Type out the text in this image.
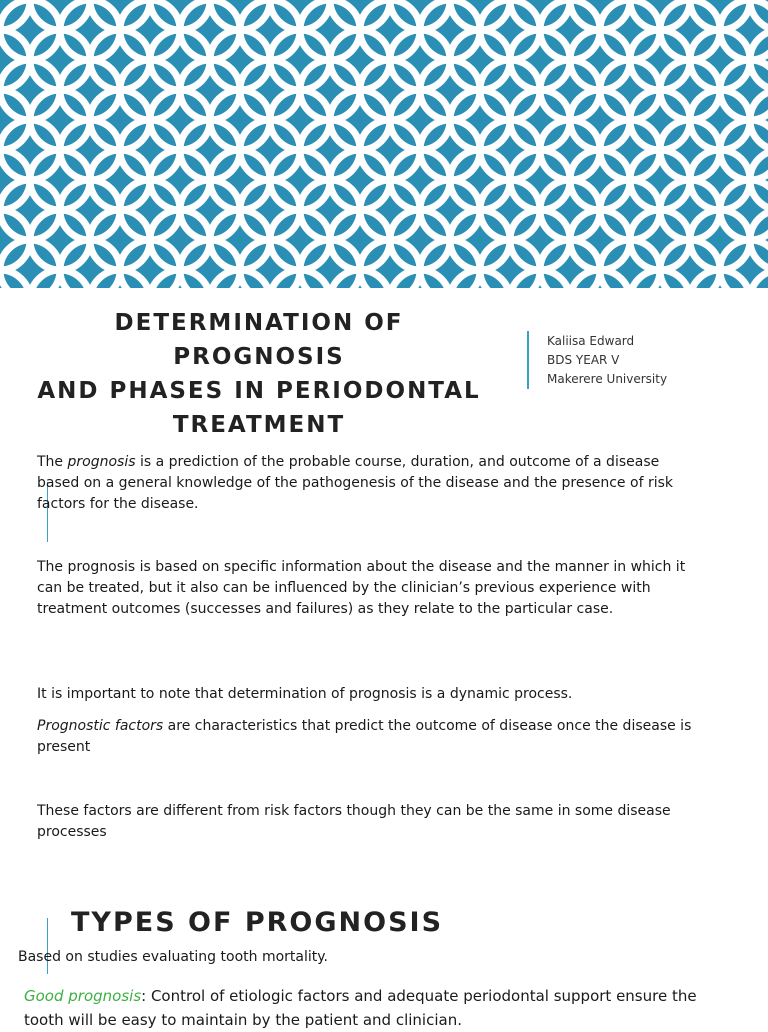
DETERMINATION OF PROGNOSIS
AND PHASES IN PERIODONTAL
TREATMENT
Kaliisa Edward
BDS YEAR V
Makerere University

The prognosis is a prediction of the probable course, duration, and outcome of a disease based on a general knowledge of the pathogenesis of the disease and the presence of risk factors for the disease.

The prognosis is based on specific information about the disease and the manner in which it can be treated, but it also can be influenced by the clinician’s previous experience with treatment outcomes (successes and failures) as they relate to the particular case.

It is important to note that determination of prognosis is a dynamic process.

Prognostic factors are characteristics that predict the outcome of disease once the disease is present

These factors are different from risk factors though they can be the same in some disease processes

TYPES OF PROGNOSIS
Based on studies evaluating tooth mortality.
Good prognosis: Control of etiologic factors and adequate periodontal support ensure the tooth will be easy to maintain by the patient and clinician.
